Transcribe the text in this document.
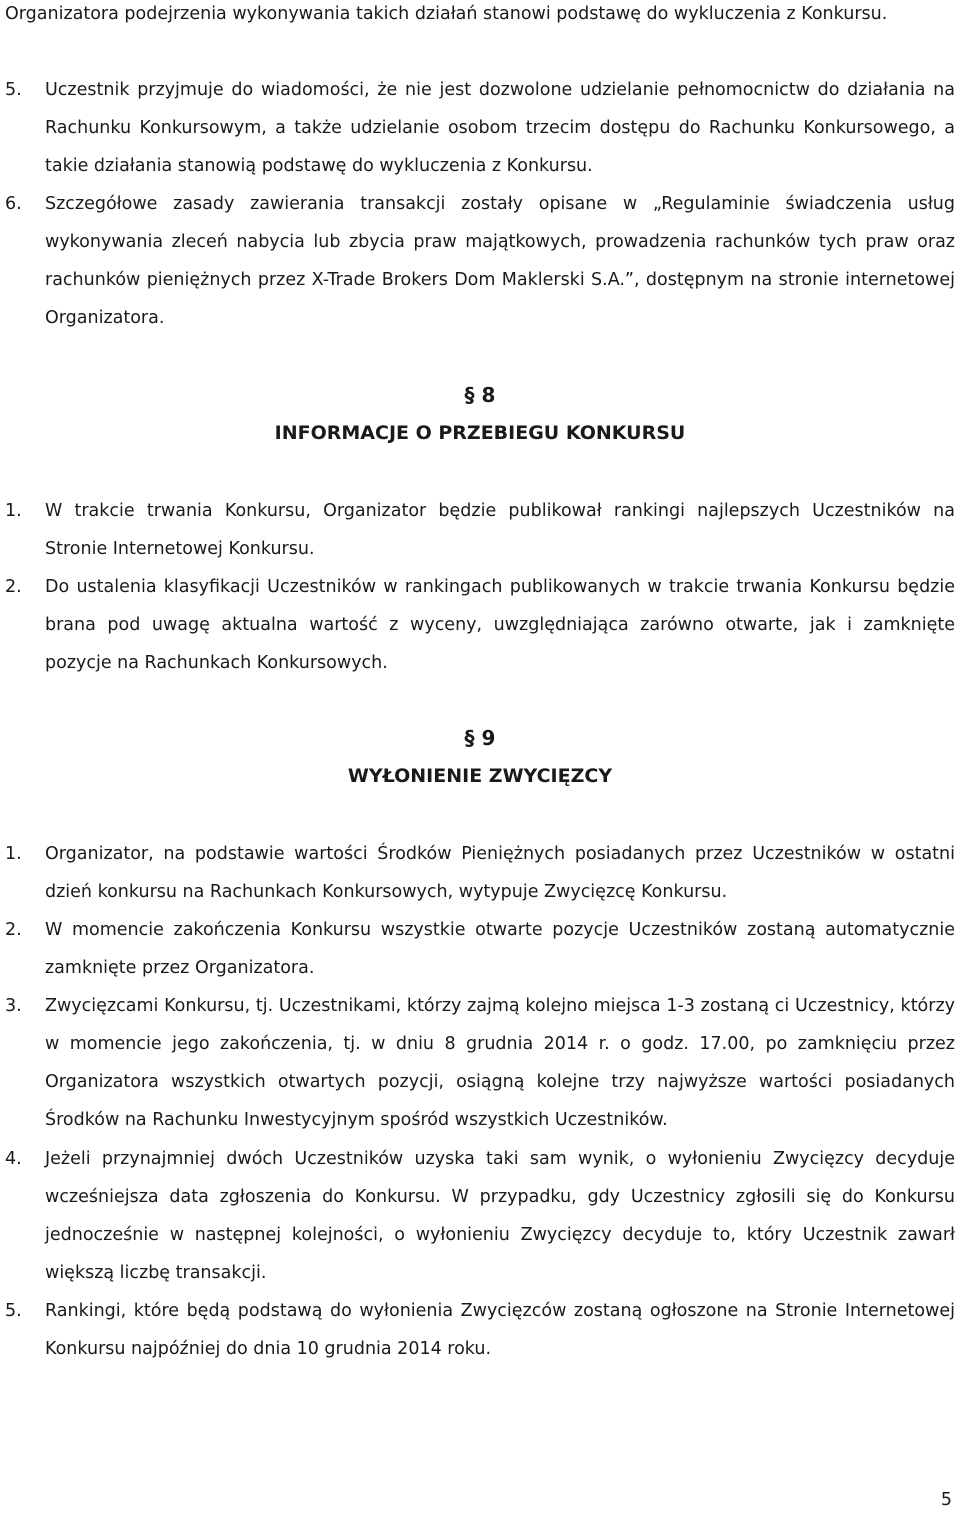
Organizatora podejrzenia wykonywania takich działań stanowi podstawę do wykluczenia z Konkursu.
5.	Uczestnik przyjmuje do wiadomości, że nie jest dozwolone udzielanie pełnomocnictw do działania na Rachunku Konkursowym, a także udzielanie osobom trzecim dostępu do Rachunku Konkursowego, a takie działania stanowią podstawę do wykluczenia z Konkursu.
6.	Szczegółowe zasady zawierania transakcji zostały opisane w „Regulaminie świadczenia usług wykonywania zleceń nabycia lub zbycia praw majątkowych, prowadzenia rachunków tych praw oraz rachunków pieniężnych przez X-Trade Brokers Dom Maklerski S.A.”, dostępnym na stronie internetowej Organizatora.
§ 8
INFORMACJE O PRZEBIEGU KONKURSU
1.	W trakcie trwania Konkursu, Organizator będzie publikował rankingi najlepszych Uczestników na Stronie Internetowej Konkursu.
2.	Do ustalenia klasyfikacji Uczestników w rankingach publikowanych w trakcie trwania Konkursu będzie brana pod uwagę aktualna wartość z wyceny, uwzględniająca zarówno otwarte, jak i zamknięte pozycje na Rachunkach Konkursowych.
§ 9
WYŁONIENIE ZWYCIĘZCY
1.	Organizator, na podstawie wartości Środków Pieniężnych posiadanych przez Uczestników w ostatni dzień konkursu na Rachunkach Konkursowych, wytypuje Zwycięzcę Konkursu.
2.	W momencie zakończenia Konkursu wszystkie otwarte pozycje Uczestników zostaną automatycznie zamknięte przez Organizatora.
3.	Zwycięzcami Konkursu, tj. Uczestnikami, którzy zajmą kolejno miejsca 1-3 zostaną ci Uczestnicy, którzy w momencie jego zakończenia, tj. w dniu 8 grudnia 2014 r. o godz. 17.00, po zamknięciu przez Organizatora wszystkich otwartych pozycji, osiągną kolejne trzy najwyższe wartości posiadanych Środków na Rachunku Inwestycyjnym spośród wszystkich Uczestników.
4.	Jeżeli przynajmniej dwóch Uczestników uzyska taki sam wynik, o wyłonieniu Zwycięzcy decyduje wcześniejsza data zgłoszenia do Konkursu. W przypadku, gdy Uczestnicy zgłosili się do Konkursu jednocześnie w następnej kolejności, o wyłonieniu Zwycięzcy decyduje to, który Uczestnik zawarł większą liczbę transakcji.
5.	Rankingi, które będą podstawą do wyłonienia Zwycięzców zostaną ogłoszone na Stronie Internetowej Konkursu najpóźniej do dnia 10 grudnia 2014 roku.
5
